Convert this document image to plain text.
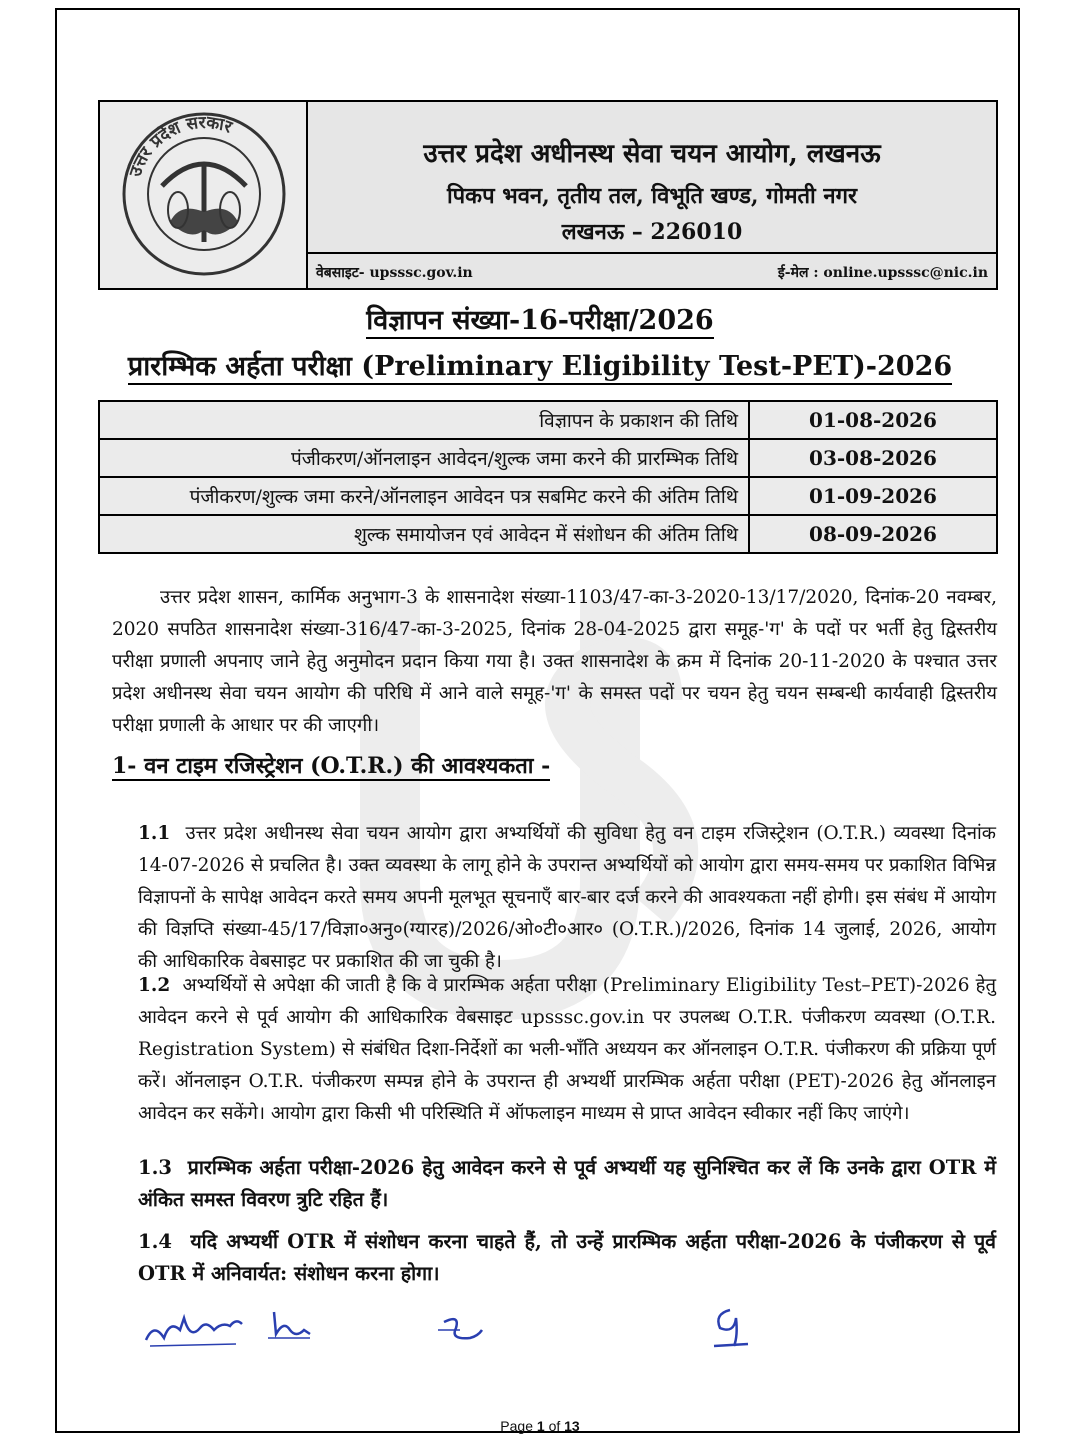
उत्तर प्रदेश सरकार
उत्तर प्रदेश अधीनस्थ सेवा चयन आयोग, लखनऊ
पिकप भवन, तृतीय तल, विभूति खण्ड, गोमती नगर
लखनऊ – 226010
वेबसाइट- upsssc.gov.in	ई-मेल : online.upsssc@nic.in
विज्ञापन संख्या-16-परीक्षा/2026
प्रारम्भिक अर्हता परीक्षा (Preliminary Eligibility Test-PET)-2026
विज्ञापन के प्रकाशन की तिथि	01-08-2026
पंजीकरण/ऑनलाइन आवेदन/शुल्क जमा करने की प्रारम्भिक तिथि	03-08-2026
पंजीकरण/शुल्क जमा करने/ऑनलाइन आवेदन पत्र सबमिट करने की अंतिम तिथि	01-09-2026
शुल्क समायोजन एवं आवेदन में संशोधन की अंतिम तिथि	08-09-2026
उत्तर प्रदेश शासन, कार्मिक अनुभाग-3 के शासनादेश संख्या-1103/47-का-3-2020-13/17/2020, दिनांक-20 नवम्बर, 2020 सपठित शासनादेश संख्या-316/47-का-3-2025, दिनांक 28-04-2025 द्वारा समूह-'ग' के पदों पर भर्ती हेतु द्विस्तरीय परीक्षा प्रणाली अपनाए जाने हेतु अनुमोदन प्रदान किया गया है। उक्त शासनादेश के क्रम में दिनांक 20-11-2020 के पश्चात उत्तर प्रदेश अधीनस्थ सेवा चयन आयोग की परिधि में आने वाले समूह-'ग' के समस्त पदों पर चयन हेतु चयन सम्बन्धी कार्यवाही द्विस्तरीय परीक्षा प्रणाली के आधार पर की जाएगी।
1- वन टाइम रजिस्ट्रेशन (O.T.R.) की आवश्यकता -
1.1 उत्तर प्रदेश अधीनस्थ सेवा चयन आयोग द्वारा अभ्यर्थियों की सुविधा हेतु वन टाइम रजिस्ट्रेशन (O.T.R.) व्यवस्था दिनांक 14-07-2026 से प्रचलित है। उक्त व्यवस्था के लागू होने के उपरान्त अभ्यर्थियों को आयोग द्वारा समय-समय पर प्रकाशित विभिन्न विज्ञापनों के सापेक्ष आवेदन करते समय अपनी मूलभूत सूचनाएँ बार-बार दर्ज करने की आवश्यकता नहीं होगी। इस संबंध में आयोग की विज्ञप्ति संख्या-45/17/विज्ञा०अनु०(ग्यारह)/2026/ओ०टी०आर० (O.T.R.)/2026, दिनांक 14 जुलाई, 2026, आयोग की आधिकारिक वेबसाइट पर प्रकाशित की जा चुकी है।
1.2 अभ्यर्थियों से अपेक्षा की जाती है कि वे प्रारम्भिक अर्हता परीक्षा (Preliminary Eligibility Test–PET)-2026 हेतु आवेदन करने से पूर्व आयोग की आधिकारिक वेबसाइट upsssc.gov.in पर उपलब्ध O.T.R. पंजीकरण व्यवस्था (O.T.R. Registration System) से संबंधित दिशा-निर्देशों का भली-भाँति अध्ययन कर ऑनलाइन O.T.R. पंजीकरण की प्रक्रिया पूर्ण करें। ऑनलाइन O.T.R. पंजीकरण सम्पन्न होने के उपरान्त ही अभ्यर्थी प्रारम्भिक अर्हता परीक्षा (PET)-2026 हेतु ऑनलाइन आवेदन कर सकेंगे। आयोग द्वारा किसी भी परिस्थिति में ऑफलाइन माध्यम से प्राप्त आवेदन स्वीकार नहीं किए जाएंगे।
1.3 प्रारम्भिक अर्हता परीक्षा-2026 हेतु आवेदन करने से पूर्व अभ्यर्थी यह सुनिश्चित कर लें कि उनके द्वारा OTR में अंकित समस्त विवरण त्रुटि रहित हैं।
1.4 यदि अभ्यर्थी OTR में संशोधन करना चाहते हैं, तो उन्हें प्रारम्भिक अर्हता परीक्षा-2026 के पंजीकरण से पूर्व OTR में अनिवार्यत: संशोधन करना होगा।
Page 1 of 13
